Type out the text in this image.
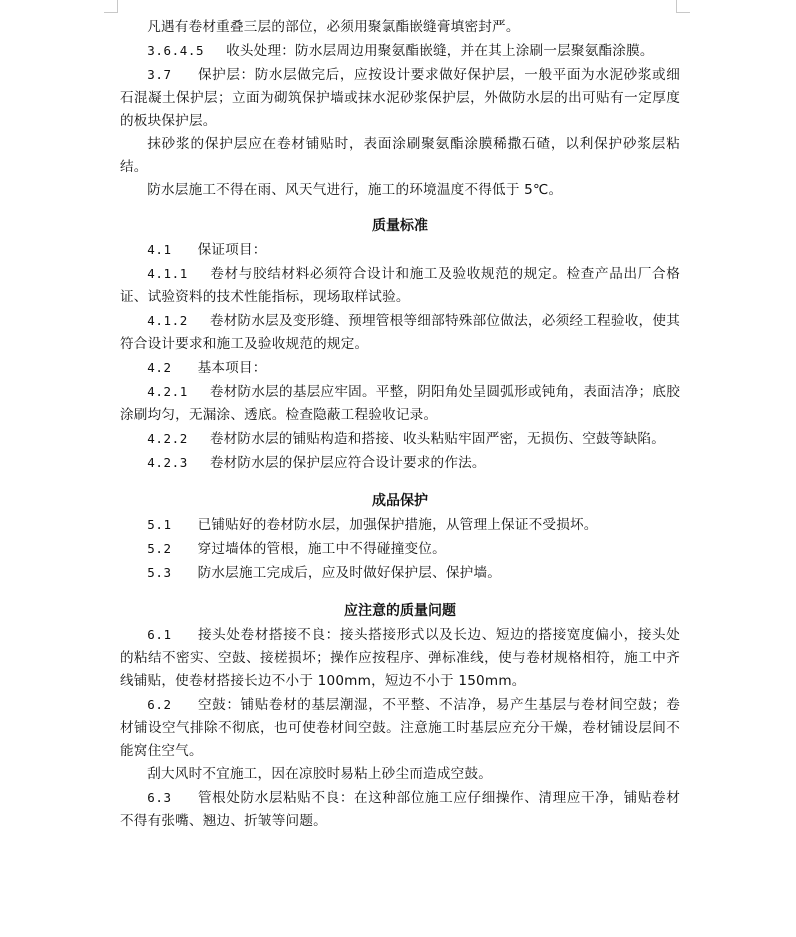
凡遇有卷材重叠三层的部位，必须用聚氯酯嵌缝膏填密封严。

3.6.4.5 收头处理：防水层周边用聚氨酯嵌缝，并在其上涂刷一层聚氨酯涂膜。

3.7 保护层：防水层做完后，应按设计要求做好保护层，一般平面为水泥砂浆或细石混凝土保护层；立面为砌筑保护墙或抹水泥砂浆保护层，外做防水层的出可贴有一定厚度的板块保护层。

抹砂浆的保护层应在卷材铺贴时，表面涂刷聚氨酯涂膜稀撒石碴，以利保护砂浆层粘结。

防水层施工不得在雨、风天气进行，施工的环境温度不得低于 5℃。

质量标准

4.1 保证项目：

4.1.1 卷材与胶结材料必须符合设计和施工及验收规范的规定。检查产品出厂合格证、试验资料的技术性能指标，现场取样试验。

4.1.2 卷材防水层及变形缝、预埋管根等细部特殊部位做法，必须经工程验收，使其符合设计要求和施工及验收规范的规定。

4.2 基本项目：

4.2.1 卷材防水层的基层应牢固。平整，阴阳角处呈圆弧形或钝角，表面洁净；底胶涂刷均匀，无漏涂、透底。检查隐蔽工程验收记录。

4.2.2 卷材防水层的铺贴构造和搭接、收头粘贴牢固严密，无损伤、空鼓等缺陷。

4.2.3 卷材防水层的保护层应符合设计要求的作法。

成品保护

5.1 已铺贴好的卷材防水层，加强保护措施，从管理上保证不受损坏。

5.2 穿过墙体的管根，施工中不得碰撞变位。

5.3 防水层施工完成后，应及时做好保护层、保护墙。

应注意的质量问题

6.1 接头处卷材搭接不良：接头搭接形式以及长边、短边的搭接宽度偏小，接头处的粘结不密实、空鼓、接槎损坏；操作应按程序、弹标准线，使与卷材规格相符，施工中齐线铺贴，使卷材搭接长边不小于 100mm，短边不小于 150mm。

6.2 空鼓：铺贴卷材的基层潮湿，不平整、不洁净，易产生基层与卷材间空鼓；卷材铺设空气排除不彻底，也可使卷材间空鼓。注意施工时基层应充分干燥，卷材铺设层间不能窝住空气。

刮大风时不宜施工，因在凉胶时易粘上砂尘而造成空鼓。

6.3 管根处防水层粘贴不良：在这种部位施工应仔细操作、清理应干净，铺贴卷材不得有张嘴、翘边、折皱等问题。
